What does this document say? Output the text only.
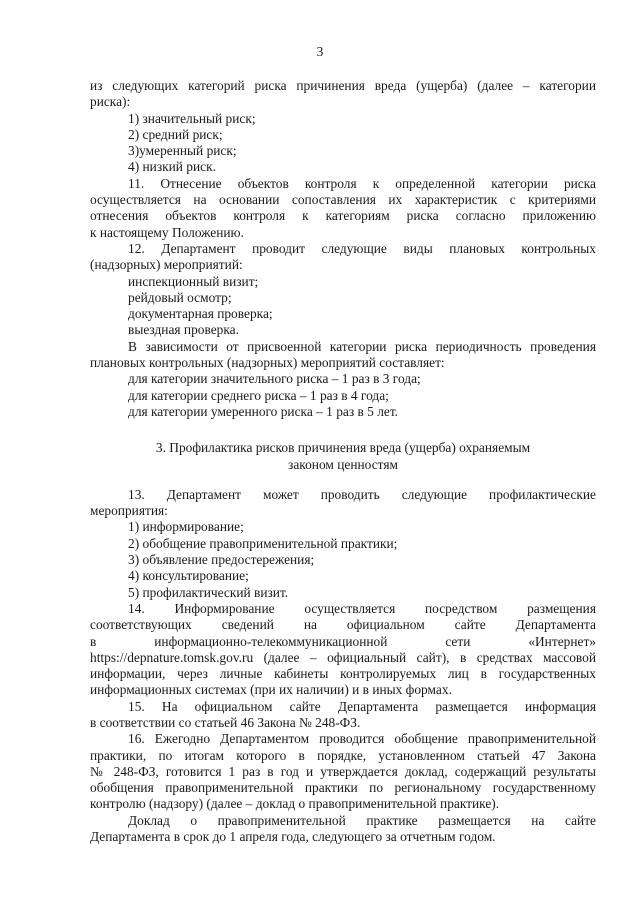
3
из следующих категорий риска причинения вреда (ущерба) (далее – категории
риска):
1) значительный риск;
2) средний риск;
3)умеренный риск;
4) низкий риск.
11. Отнесение объектов контроля к определенной категории риска
осуществляется на основании сопоставления их характеристик с критериями
отнесения объектов контроля к категориям риска согласно приложению
к настоящему Положению.
12. Департамент проводит следующие виды плановых контрольных
(надзорных) мероприятий:
инспекционный визит;
рейдовый осмотр;
документарная проверка;
выездная проверка.
В зависимости от присвоенной категории риска периодичность проведения
плановых контрольных (надзорных) мероприятий составляет:
для категории значительного риска – 1 раз в 3 года;
для категории среднего риска – 1 раз в 4 года;
для категории умеренного риска – 1 раз в 5 лет.
3. Профилактика рисков причинения вреда (ущерба) охраняемым
законом ценностям
13. Департамент может проводить следующие профилактические
мероприятия:
1) информирование;
2) обобщение правоприменительной практики;
3) объявление предостережения;
4) консультирование;
5) профилактический визит.
14. Информирование осуществляется посредством размещения
соответствующих сведений на официальном сайте Департамента
в информационно-телекоммуникационной сети «Интернет»
https://depnature.tomsk.gov.ru (далее – официальный сайт), в средствах массовой
информации, через личные кабинеты контролируемых лиц в государственных
информационных системах (при их наличии) и в иных формах.
15. На официальном сайте Департамента размещается информация
в соответствии со статьей 46 Закона № 248-ФЗ.
16. Ежегодно Департаментом проводится обобщение правоприменительной
практики, по итогам которого в порядке, установленном статьей 47 Закона
№ 248-ФЗ, готовится 1 раз в год и утверждается доклад, содержащий результаты
обобщения правоприменительной практики по региональному государственному
контролю (надзору) (далее – доклад о правоприменительной практике).
Доклад о правоприменительной практике размещается на сайте
Департамента в срок до 1 апреля года, следующего за отчетным годом.
